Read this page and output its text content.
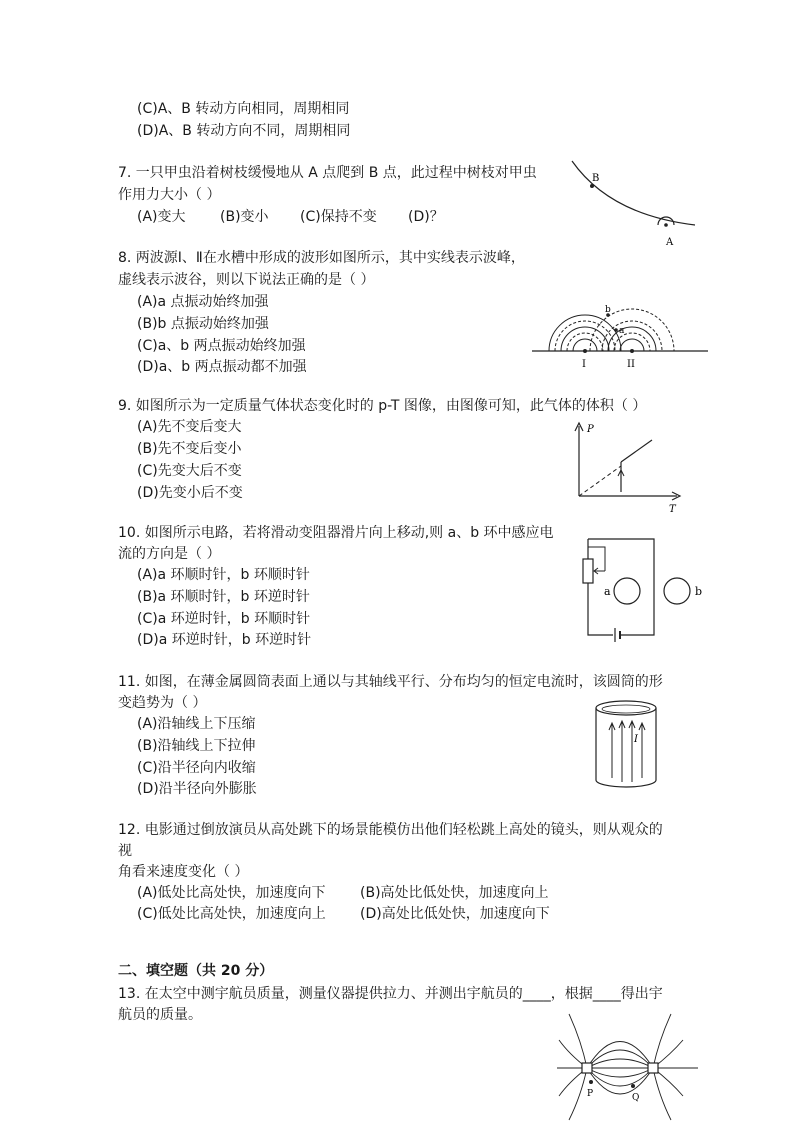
(C)A、B 转动方向相同，周期相同
(D)A、B 转动方向不同，周期相同
7. 一只甲虫沿着树枝缓慢地从 A 点爬到 B 点，此过程中树枝对甲虫
作用力大小（ ）
(A)变大 (B)变小 (C)保持不变 (D)？
B
A
8. 两波源Ⅰ、Ⅱ在水槽中形成的波形如图所示，其中实线表示波峰，
虚线表示波谷，则以下说法正确的是（ ）
(A)a 点振动始终加强
(B)b 点振动始终加强
(C)a、b 两点振动始终加强
(D)a、b 两点振动都不加强
a
b
I	II
9. 如图所示为一定质量气体状态变化时的 p-T 图像，由图像可知，此气体的体积（ ）
(A)先不变后变大
(B)先不变后变小
(C)先变大后不变
(D)先变小后不变
P
T
10. 如图所示电路，若将滑动变阻器滑片向上移动,则 a、b 环中感应电
流的方向是（ ）
(A)a 环顺时针，b 环顺时针
(B)a 环顺时针，b 环逆时针
(C)a 环逆时针，b 环顺时针
(D)a 环逆时针，b 环逆时针
a	b
11. 如图，在薄金属圆筒表面上通以与其轴线平行、分布均匀的恒定电流时，该圆筒的形
变趋势为（ ）
(A)沿轴线上下压缩
(B)沿轴线上下拉伸
(C)沿半径向内收缩
(D)沿半径向外膨胀
I
12. 电影通过倒放演员从高处跳下的场景能模仿出他们轻松跳上高处的镜头，则从观众的
视
角看来速度变化（ ）
(A)低处比高处快，加速度向下 (B)高处比低处快，加速度向上
(C)低处比高处快，加速度向上 (D)高处比低处快，加速度向下
二、填空题（共 20 分）
13. 在太空中测宇航员质量，测量仪器提供拉力、并测出宇航员的____，根据____得出宇
航员的质量。
P	Q
